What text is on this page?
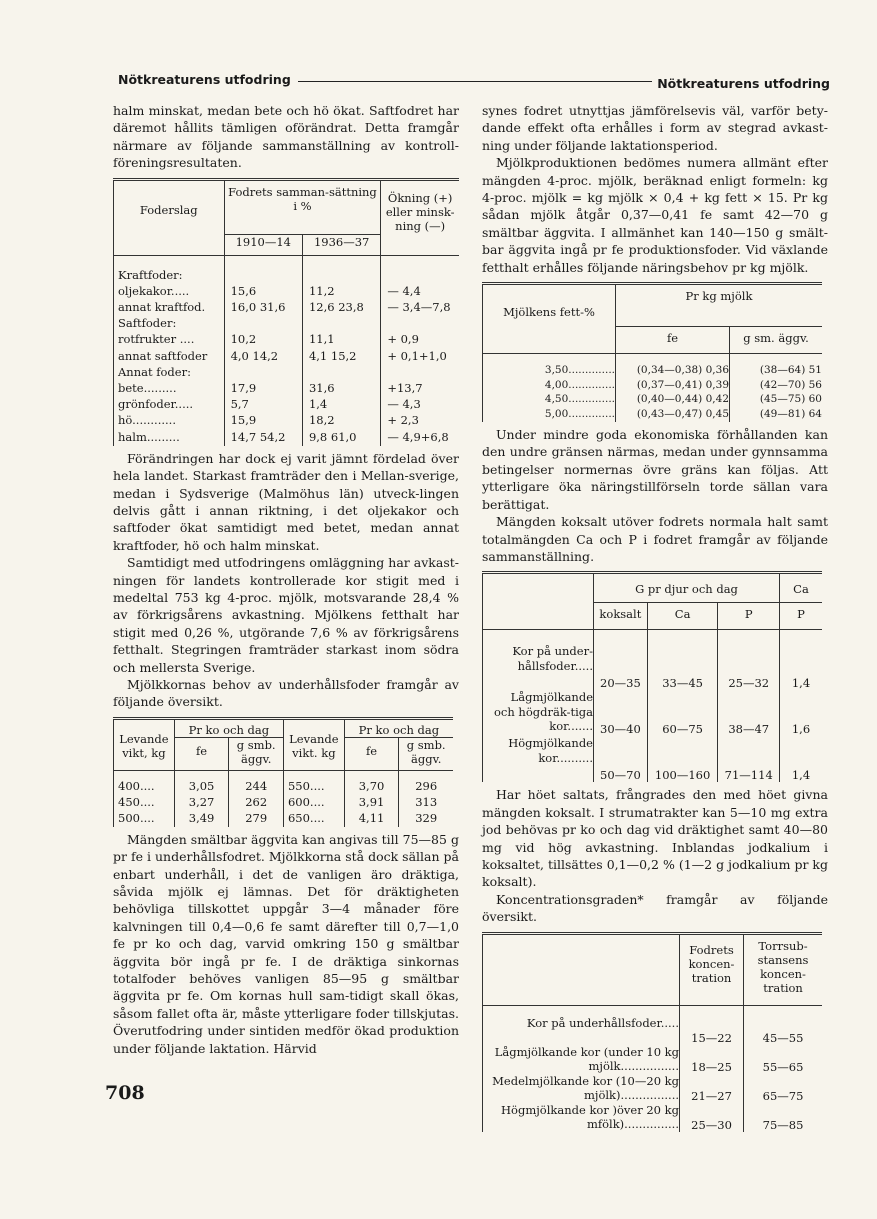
Nötkreaturens utfodring	Nötkreaturens utfodring

halm minskat, medan bete och hö ökat. Saftfodret har däremot hållits tämligen oförändrat. Detta framgår närmare av följande sammanställning av kontroll-föreningsresultaten.

Foderslag	Fodrets samman-sättning i %		Ökning (+) eller minsk-ning (—)
	1910—14	1936—37	

Kraftfoder:			
oljekakor.....	15,6	11,2	— 4,4
annat kraftfod.	16,0 31,6	12,6 23,8	— 3,4—7,8
Saftfoder:			
rotfrukter ....	10,2	11,1	+ 0,9
annat saftfoder	4,0 14,2	4,1 15,2	+ 0,1+1,0
Annat foder:			
bete.........	17,9	31,6	+13,7
grönfoder.....	5,7	1,4	— 4,3
hö............	15,9	18,2	+ 2,3
halm.........	14,7 54,2	9,8 61,0	— 4,9+6,8

Förändringen har dock ej varit jämnt fördelad över hela landet. Starkast framträder den i Mellan-sverige, medan i Sydsverige (Malmöhus län) utveck-lingen delvis gått i annan riktning, i det oljekakor och saftfoder ökat samtidigt med betet, medan annat kraftfoder, hö och halm minskat.

Samtidigt med utfodringens omläggning har avkast-ningen för landets kontrollerade kor stigit med i medeltal 753 kg 4-proc. mjölk, motsvarande 28,4 % av förkrigsårens avkastning. Mjölkens fetthalt har stigit med 0,26 %, utgörande 7,6 % av förkrigsårens fetthalt. Stegringen framträder starkast inom södra och mellersta Sverige.

Mjölkkornas behov av underhållsfoder framgår av följande översikt.

Levande vikt, kg	Pr ko och dag		Levande vikt. kg	Pr ko och dag	
	fe	g smb. äggv.		fe	g smb. äggv.

400....	3,05	244	550....	3,70	296
450....	3,27	262	600....	3,91	313
500....	3,49	279	650....	4,11	329

Mängden smältbar äggvita kan angivas till 75—85 g pr fe i underhållsfodret. Mjölkkorna stå dock sällan på enbart underhåll, i det de vanligen äro dräktiga, såvida mjölk ej lämnas. Det för dräktigheten behövliga tillskottet uppgår 3—4 månader före kalvningen till 0,4—0,6 fe samt därefter till 0,7—1,0 fe pr ko och dag, varvid omkring 150 g smältbar äggvita bör ingå pr fe. I de dräktiga sinkornas totalfoder behöves vanligen 85—95 g smältbar äggvita pr fe. Om kornas hull sam-tidigt skall ökas, såsom fallet ofta är, måste ytterligare foder tillskjutas. Överutfodring under sintiden medför ökad produktion under följande laktation. Härvid

synes fodret utnyttjas jämförelsevis väl, varför bety-dande effekt ofta erhålles i form av stegrad avkast-ning under följande laktationsperiod.

Mjölkproduktionen bedömes numera allmänt efter mängden 4-proc. mjölk, beräknad enligt formeln: kg 4-proc. mjölk = kg mjölk × 0,4 + kg fett × 15. Pr kg sådan mjölk åtgår 0,37—0,41 fe samt 42—70 g smältbar äggvita. I allmänhet kan 140—150 g smält-bar äggvita ingå pr fe produktionsfoder. Vid växlande fetthalt erhålles följande näringsbehov pr kg mjölk.

Mjölkens fett-%	Pr kg mjölk	
	fe	g sm. äggv.

3,50..............	(0,34—0,38) 0,36	(38—64) 51
4,00..............	(0,37—0,41) 0,39	(42—70) 56
4,50..............	(0,40—0,44) 0,42	(45—75) 60
5,00..............	(0,43—0,47) 0,45	(49—81) 64

Under mindre goda ekonomiska förhållanden kan den undre gränsen närmas, medan under gynnsamma betingelser normernas övre gräns kan följas. Att ytterligare öka näringstillförseln torde sällan vara berättigat.

Mängden koksalt utöver fodrets normala halt samt totalmängden Ca och P i fodret framgår av följande sammanställning.

	G pr djur och dag			Ca
	koksalt	Ca	P	P

Kor på under-hållsfoder.....	20—35	33—45	25—32	1,4
Lågmjölkande och högdräk-tiga kor.......	30—40	60—75	38—47	1,6
Högmjölkande kor..........	50—70	100—160	71—114	1,4

Har höet saltats, frångrades den med höet givna mängden koksalt. I strumatrakter kan 5—10 mg extra jod behövas pr ko och dag vid dräktighet samt 40—80 mg vid hög avkastning. Inblandas jodkalium i koksaltet, tillsättes 0,1—0,2 % (1—2 g jodkalium pr kg koksalt).

Koncentrationsgraden* framgår av följande översikt.

	Fodrets koncen-tration	Torrsub-stansens koncen-tration

Kor på underhållsfoder.....	15—22	45—55
Lågmjölkande kor (under 10 kg mjölk................	18—25	55—65
Medelmjölkande kor (10—20 kg mjölk)................	21—27	65—75
Högmjölkande kor )över 20 kg mfölk)...............	25—30	75—85
708
